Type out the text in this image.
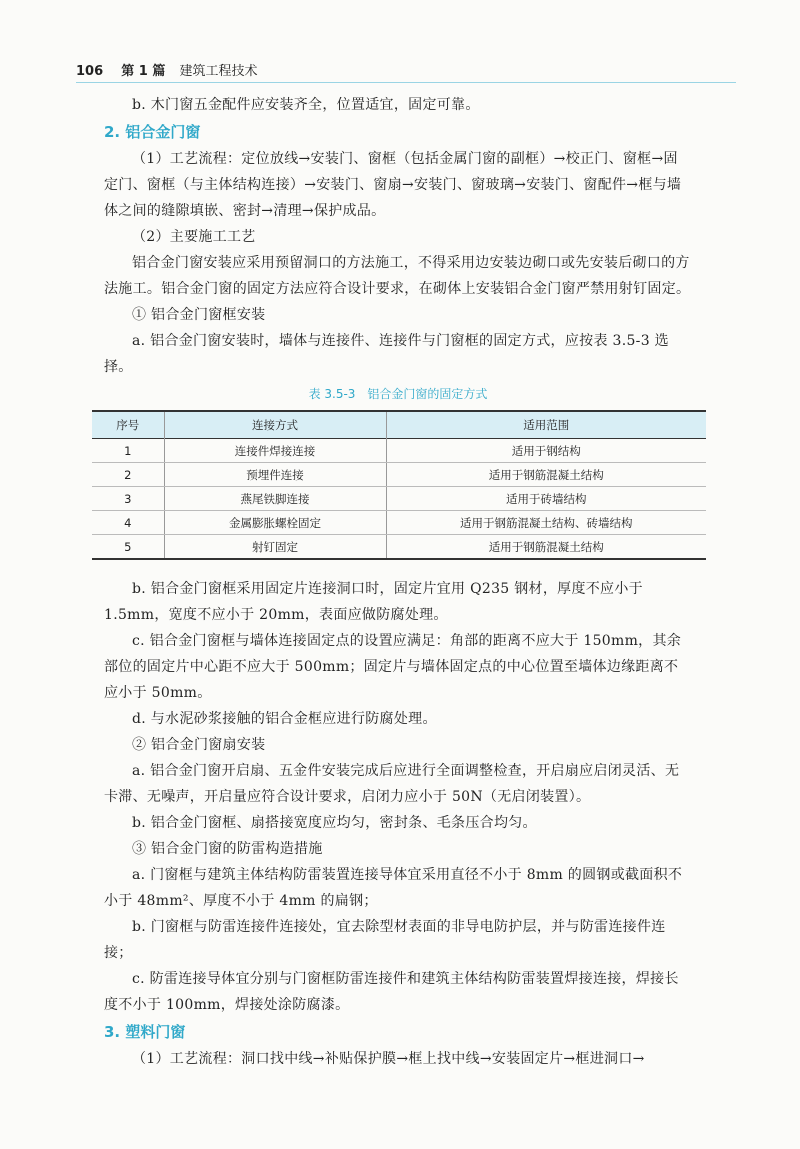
106 第 1 篇 建筑工程技术

b. 木门窗五金配件应安装齐全，位置适宜，固定可靠。

2. 铝合金门窗

（1）工艺流程：定位放线→安装门、窗框（包括金属门窗的副框）→校正门、窗框→固定门、窗框（与主体结构连接）→安装门、窗扇→安装门、窗玻璃→安装门、窗配件→框与墙体之间的缝隙填嵌、密封→清理→保护成品。

（2）主要施工工艺

铝合金门窗安装应采用预留洞口的方法施工，不得采用边安装边砌口或先安装后砌口的方法施工。铝合金门窗的固定方法应符合设计要求，在砌体上安装铝合金门窗严禁用射钉固定。

① 铝合金门窗框安装

a. 铝合金门窗安装时，墙体与连接件、连接件与门窗框的固定方式，应按表 3.5-3 选择。

表 3.5-3　铝合金门窗的固定方式
序号	连接方式	适用范围
1	连接件焊接连接	适用于钢结构
2	预埋件连接	适用于钢筋混凝土结构
3	燕尾铁脚连接	适用于砖墙结构
4	金属膨胀螺栓固定	适用于钢筋混凝土结构、砖墙结构
5	射钉固定	适用于钢筋混凝土结构

b. 铝合金门窗框采用固定片连接洞口时，固定片宜用 Q235 钢材，厚度不应小于 1.5mm，宽度不应小于 20mm，表面应做防腐处理。

c. 铝合金门窗框与墙体连接固定点的设置应满足：角部的距离不应大于 150mm，其余部位的固定片中心距不应大于 500mm；固定片与墙体固定点的中心位置至墙体边缘距离不应小于 50mm。

d. 与水泥砂浆接触的铝合金框应进行防腐处理。

② 铝合金门窗扇安装

a. 铝合金门窗开启扇、五金件安装完成后应进行全面调整检查，开启扇应启闭灵活、无卡滞、无噪声，开启量应符合设计要求，启闭力应小于 50N（无启闭装置）。

b. 铝合金门窗框、扇搭接宽度应均匀，密封条、毛条压合均匀。

③ 铝合金门窗的防雷构造措施

a. 门窗框与建筑主体结构防雷装置连接导体宜采用直径不小于 8mm 的圆钢或截面积不小于 48mm²、厚度不小于 4mm 的扁钢；

b. 门窗框与防雷连接件连接处，宜去除型材表面的非导电防护层，并与防雷连接件连接；

c. 防雷连接导体宜分别与门窗框防雷连接件和建筑主体结构防雷装置焊接连接，焊接长度不小于 100mm，焊接处涂防腐漆。

3. 塑料门窗

（1）工艺流程：洞口找中线→补贴保护膜→框上找中线→安装固定片→框进洞口→
